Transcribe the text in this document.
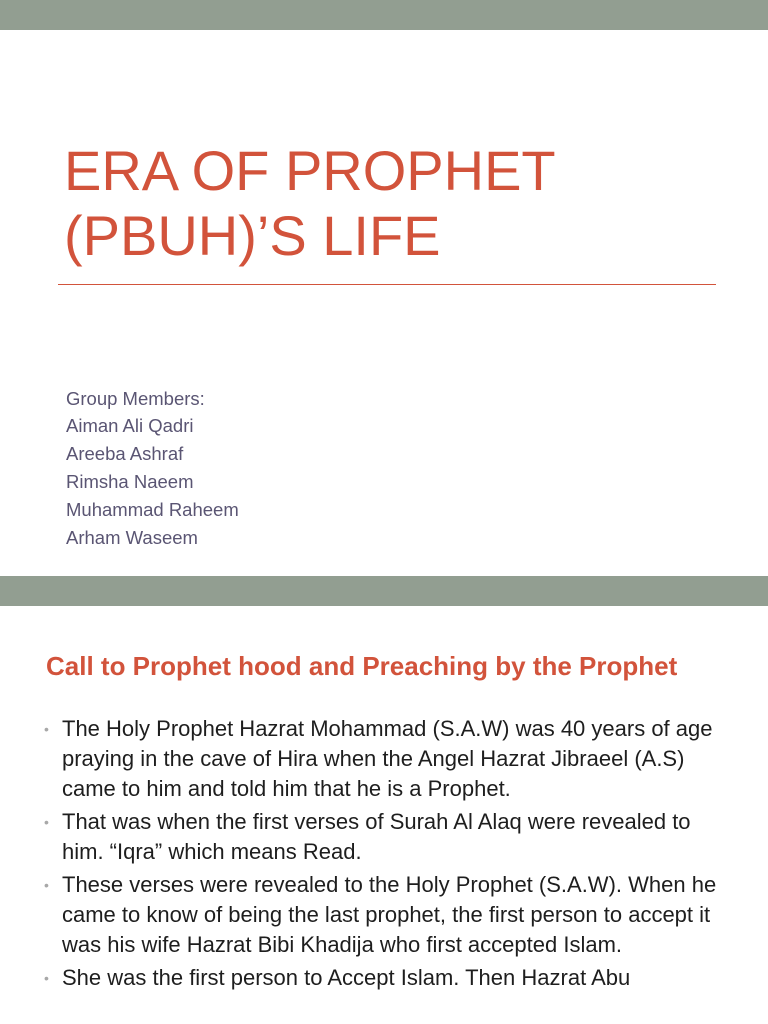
ERA OF PROPHET
(PBUH)’S LIFE
Group Members:
Aiman Ali Qadri
Areeba Ashraf
Rimsha Naeem
Muhammad Raheem
Arham Waseem
Call to Prophet hood and Preaching by the Prophet
• The Holy Prophet Hazrat Mohammad (S.A.W) was 40 years of age praying in the cave of Hira when the Angel Hazrat Jibraeel (A.S) came to him and told him that he is a Prophet.
• That was when the first verses of Surah Al Alaq were revealed to him. “Iqra” which means Read.
• These verses were revealed to the Holy Prophet (S.A.W). When he came to know of being the last prophet, the first person to accept it was his wife Hazrat Bibi Khadija who first accepted Islam.
• She was the first person to Accept Islam. Then Hazrat Abu
